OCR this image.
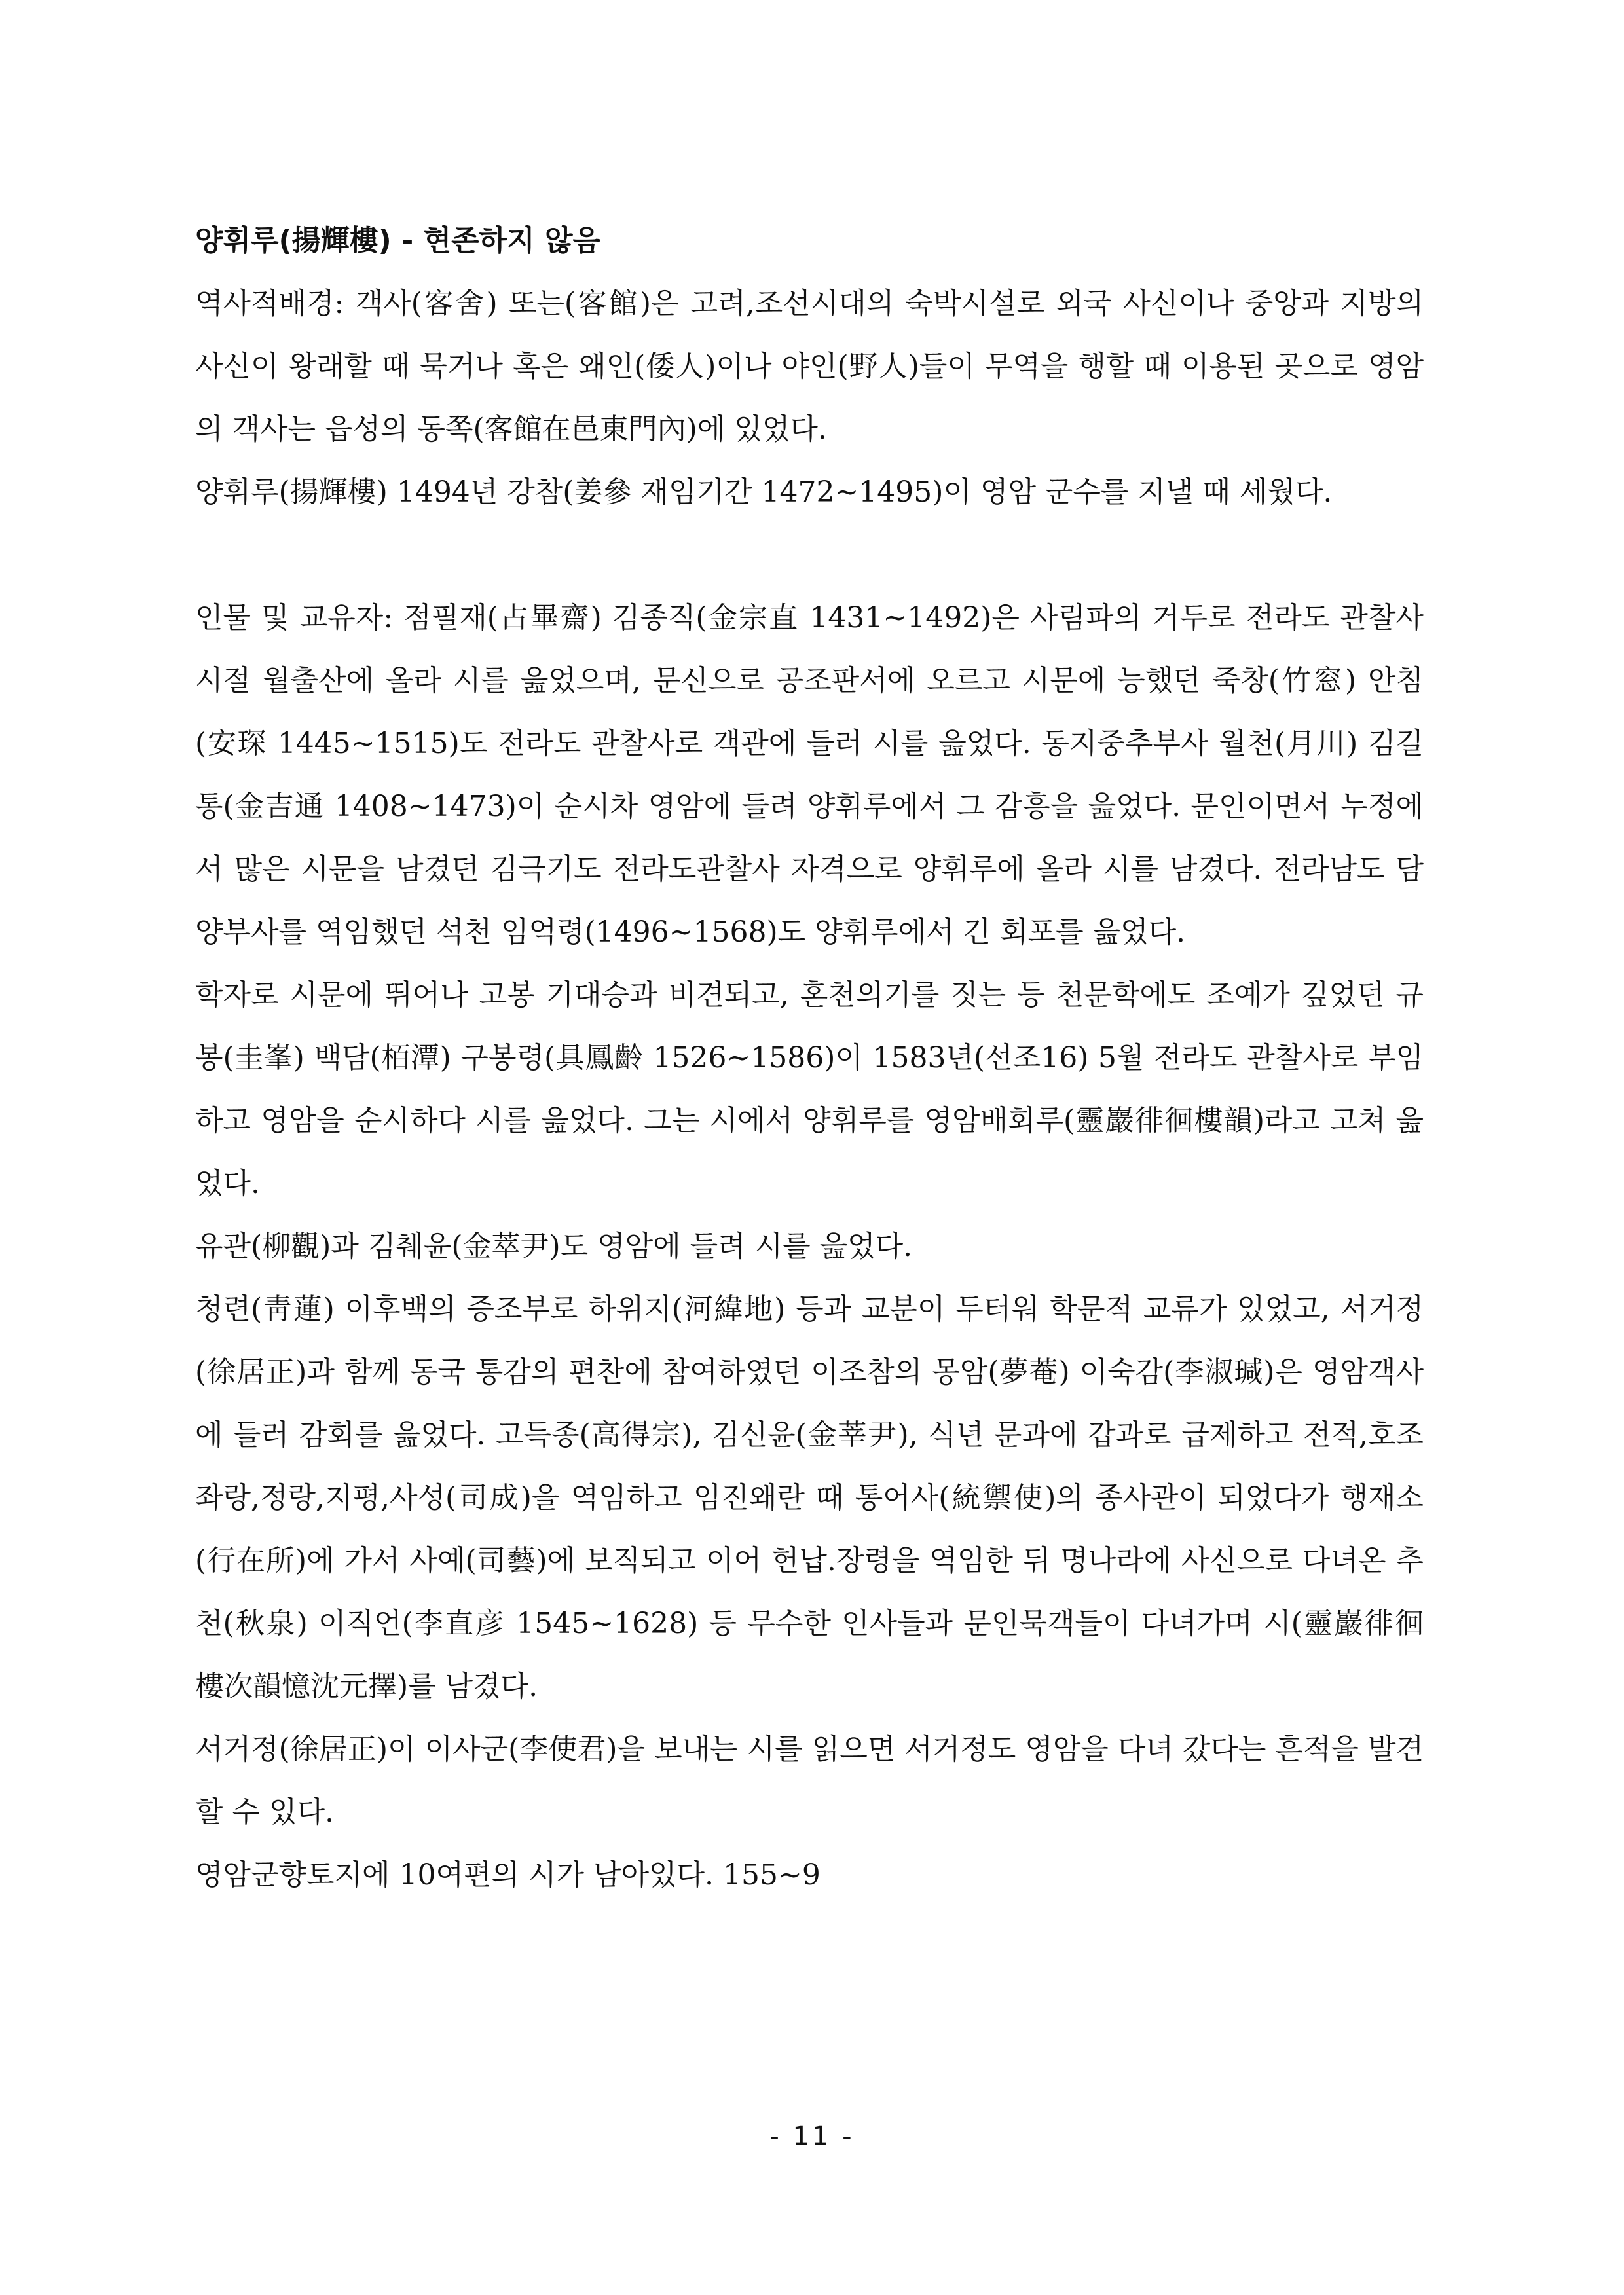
양휘루(揚輝樓) - 현존하지 않음

역사적배경: 객사(客舍) 또는(客館)은 고려,조선시대의 숙박시설로 외국 사신이나 중앙과 지방의 사신이 왕래할 때 묵거나 혹은 왜인(倭人)이나 야인(野人)들이 무역을 행할 때 이용된 곳으로 영암의 객사는 읍성의 동쪽(客館在邑東門內)에 있었다.

양휘루(揚輝樓) 1494년 강참(姜參 재임기간 1472~1495)이 영암 군수를 지낼 때 세웠다.

인물 및 교유자: 점필재(占畢齋) 김종직(金宗直 1431~1492)은 사림파의 거두로 전라도 관찰사 시절 월출산에 올라 시를 읊었으며, 문신으로 공조판서에 오르고 시문에 능했던 죽창(竹窓) 안침(安琛 1445~1515)도 전라도 관찰사로 객관에 들러 시를 읊었다. 동지중추부사 월천(月川) 김길통(金吉通 1408~1473)이 순시차 영암에 들려 양휘루에서 그 감흥을 읊었다. 문인이면서 누정에서 많은 시문을 남겼던 김극기도 전라도관찰사 자격으로 양휘루에 올라 시를 남겼다. 전라남도 담양부사를 역임했던 석천 임억령(1496~1568)도 양휘루에서 긴 회포를 읊었다.

학자로 시문에 뛰어나 고봉 기대승과 비견되고, 혼천의기를 짓는 등 천문학에도 조예가 깊었던 규봉(圭峯) 백담(栢潭) 구봉령(具鳳齡 1526~1586)이 1583년(선조16) 5월 전라도 관찰사로 부임하고 영암을 순시하다 시를 읊었다. 그는 시에서 양휘루를 영암배회루(靈巖徘徊樓韻)라고 고쳐 읊었다.

유관(柳觀)과 김췌윤(金萃尹)도 영암에 들려 시를 읊었다.

청련(靑蓮) 이후백의 증조부로 하위지(河緯地) 등과 교분이 두터워 학문적 교류가 있었고, 서거정(徐居正)과 함께 동국 통감의 편찬에 참여하였던 이조참의 몽암(夢菴) 이숙감(李淑瑊)은 영암객사에 들러 감회를 읊었다. 고득종(高得宗), 김신윤(金莘尹), 식년 문과에 갑과로 급제하고 전적,호조좌랑,정랑,지평,사성(司成)을 역임하고 임진왜란 때 통어사(統禦使)의 종사관이 되었다가 행재소(行在所)에 가서 사예(司藝)에 보직되고 이어 헌납.장령을 역임한 뒤 명나라에 사신으로 다녀온 추천(秋泉) 이직언(李直彦 1545~1628) 등 무수한 인사들과 문인묵객들이 다녀가며 시(靈巖徘徊樓次韻憶沈元擇)를 남겼다.

서거정(徐居正)이 이사군(李使君)을 보내는 시를 읽으면 서거정도 영암을 다녀 갔다는 흔적을 발견할 수 있다.

영암군향토지에 10여편의 시가 남아있다. 155~9

- 11 -
